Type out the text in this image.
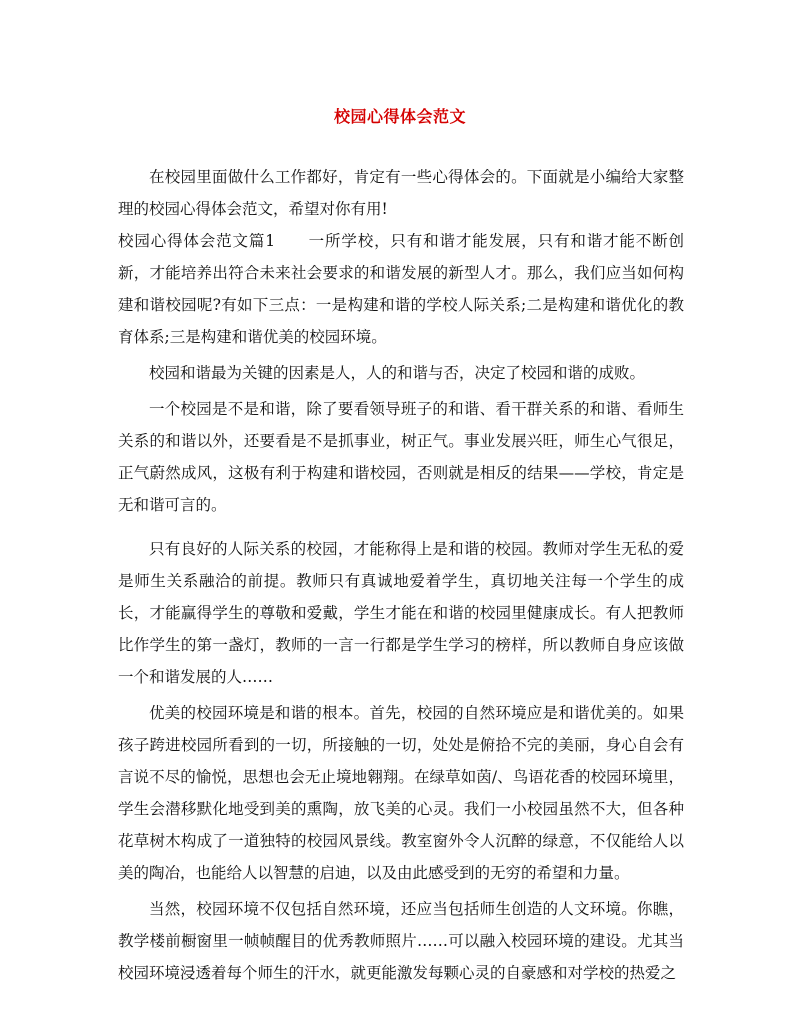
校园心得体会范文

在校园里面做什么工作都好，肯定有一些心得体会的。下面就是小编给大家整理的校园心得体会范文，希望对你有用!

校园心得体会范文篇1　　一所学校，只有和谐才能发展，只有和谐才能不断创新，才能培养出符合未来社会要求的和谐发展的新型人才。那么，我们应当如何构建和谐校园呢?有如下三点：一是构建和谐的学校人际关系;二是构建和谐优化的教育体系;三是构建和谐优美的校园环境。

校园和谐最为关键的因素是人，人的和谐与否，决定了校园和谐的成败。

一个校园是不是和谐，除了要看领导班子的和谐、看干群关系的和谐、看师生关系的和谐以外，还要看是不是抓事业，树正气。事业发展兴旺，师生心气很足，正气蔚然成风，这极有利于构建和谐校园，否则就是相反的结果——学校，肯定是无和谐可言的。

只有良好的人际关系的校园，才能称得上是和谐的校园。教师对学生无私的爱是师生关系融洽的前提。教师只有真诚地爱着学生，真切地关注每一个学生的成长，才能赢得学生的尊敬和爱戴，学生才能在和谐的校园里健康成长。有人把教师比作学生的第一盏灯，教师的一言一行都是学生学习的榜样，所以教师自身应该做一个和谐发展的人……

优美的校园环境是和谐的根本。首先，校园的自然环境应是和谐优美的。如果孩子跨进校园所看到的一切，所接触的一切，处处是俯拾不完的美丽，身心自会有言说不尽的愉悦，思想也会无止境地翱翔。在绿草如茵/、鸟语花香的校园环境里，学生会潜移默化地受到美的熏陶，放飞美的心灵。我们一小校园虽然不大，但各种花草树木构成了一道独特的校园风景线。教室窗外令人沉醉的绿意，不仅能给人以美的陶冶，也能给人以智慧的启迪，以及由此感受到的无穷的希望和力量。

当然，校园环境不仅包括自然环境，还应当包括师生创造的人文环境。你瞧，教学楼前橱窗里一帧帧醒目的优秀教师照片……可以融入校园环境的建设。尤其当校园环境浸透着每个师生的汗水，就更能激发每颗心灵的自豪感和对学校的热爱之
